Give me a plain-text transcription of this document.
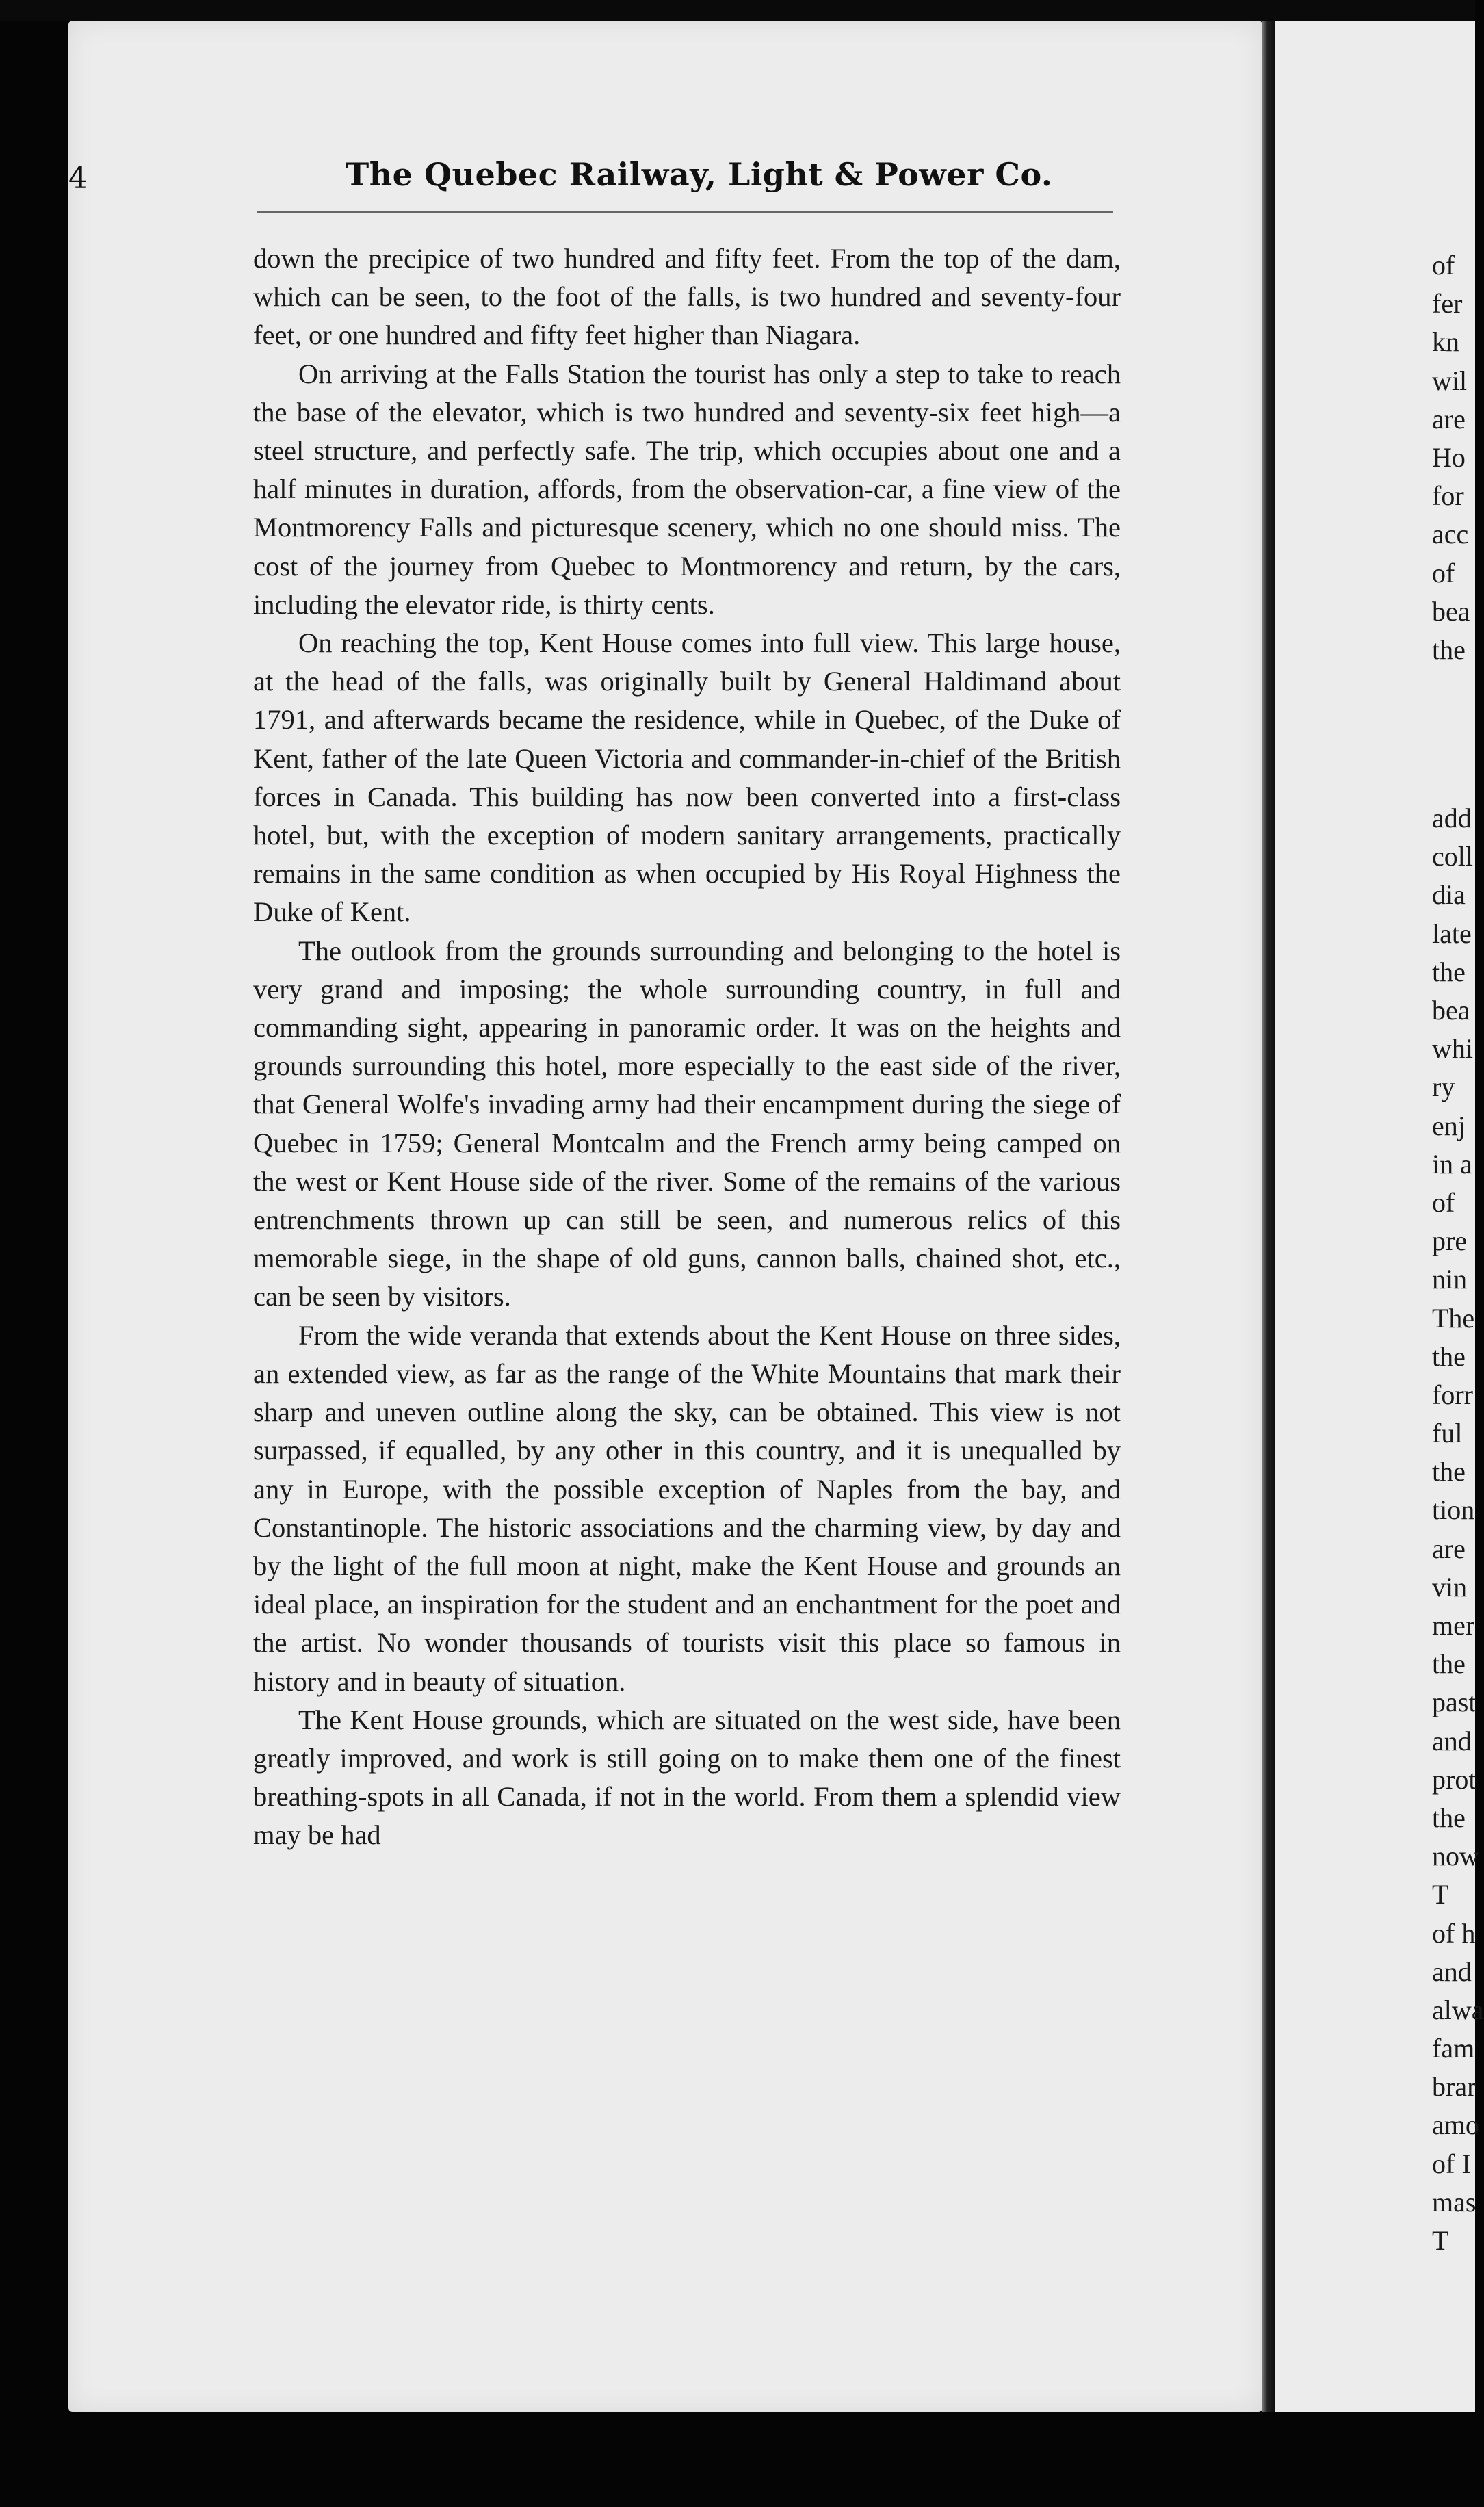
4	The Quebec Railway, Light & Power Co.

down the precipice of two hundred and fifty feet. From the top of the dam, which can be seen, to the foot of the falls, is two hundred and seventy-four feet, or one hundred and fifty feet higher than Niagara.

On arriving at the Falls Station the tourist has only a step to take to reach the base of the elevator, which is two hundred and seventy-six feet high—a steel structure, and perfectly safe. The trip, which occupies about one and a half minutes in duration, affords, from the observation-car, a fine view of the Montmorency Falls and picturesque scenery, which no one should miss. The cost of the journey from Quebec to Montmorency and return, by the cars, including the elevator ride, is thirty cents.

On reaching the top, Kent House comes into full view. This large house, at the head of the falls, was originally built by General Haldimand about 1791, and afterwards became the residence, while in Quebec, of the Duke of Kent, father of the late Queen Victoria and commander-in-chief of the British forces in Canada. This building has now been converted into a first-class hotel, but, with the exception of modern sanitary arrangements, practically remains in the same condition as when occupied by His Royal Highness the Duke of Kent.

The outlook from the grounds surrounding and belonging to the hotel is very grand and imposing; the whole surrounding country, in full and commanding sight, appearing in panoramic order. It was on the heights and grounds surrounding this hotel, more especially to the east side of the river, that General Wolfe's invading army had their encampment during the siege of Quebec in 1759; General Montcalm and the French army being camped on the west or Kent House side of the river. Some of the remains of the various entrenchments thrown up can still be seen, and numerous relics of this memorable siege, in the shape of old guns, cannon balls, chained shot, etc., can be seen by visitors.

From the wide veranda that extends about the Kent House on three sides, an extended view, as far as the range of the White Mountains that mark their sharp and uneven outline along the sky, can be obtained. This view is not surpassed, if equalled, by any other in this country, and it is unequalled by any in Europe, with the possible exception of Naples from the bay, and Constantinople. The historic associations and the charming view, by day and by the light of the full moon at night, make the Kent House and grounds an ideal place, an inspiration for the student and an enchantment for the poet and the artist. No wonder thousands of tourists visit this place so famous in history and in beauty of situation.

The Kent House grounds, which are situated on the west side, have been greatly improved, and work is still going on to make them one of the finest breathing-spots in all Canada, if not in the world. From them a splendid view may be had

of
fer
kn
wil
are
Ho
for
acc
of
bea
the
add
coll
dia
late
the
bea
whi
ry
enj
in a
of
pre
nin
The
the
forr
ful
the
tion
are
vin
mer
the
past
and
prot
the
now
T
of h
and
alwa
fam
brar
amo
of I
mas
T
